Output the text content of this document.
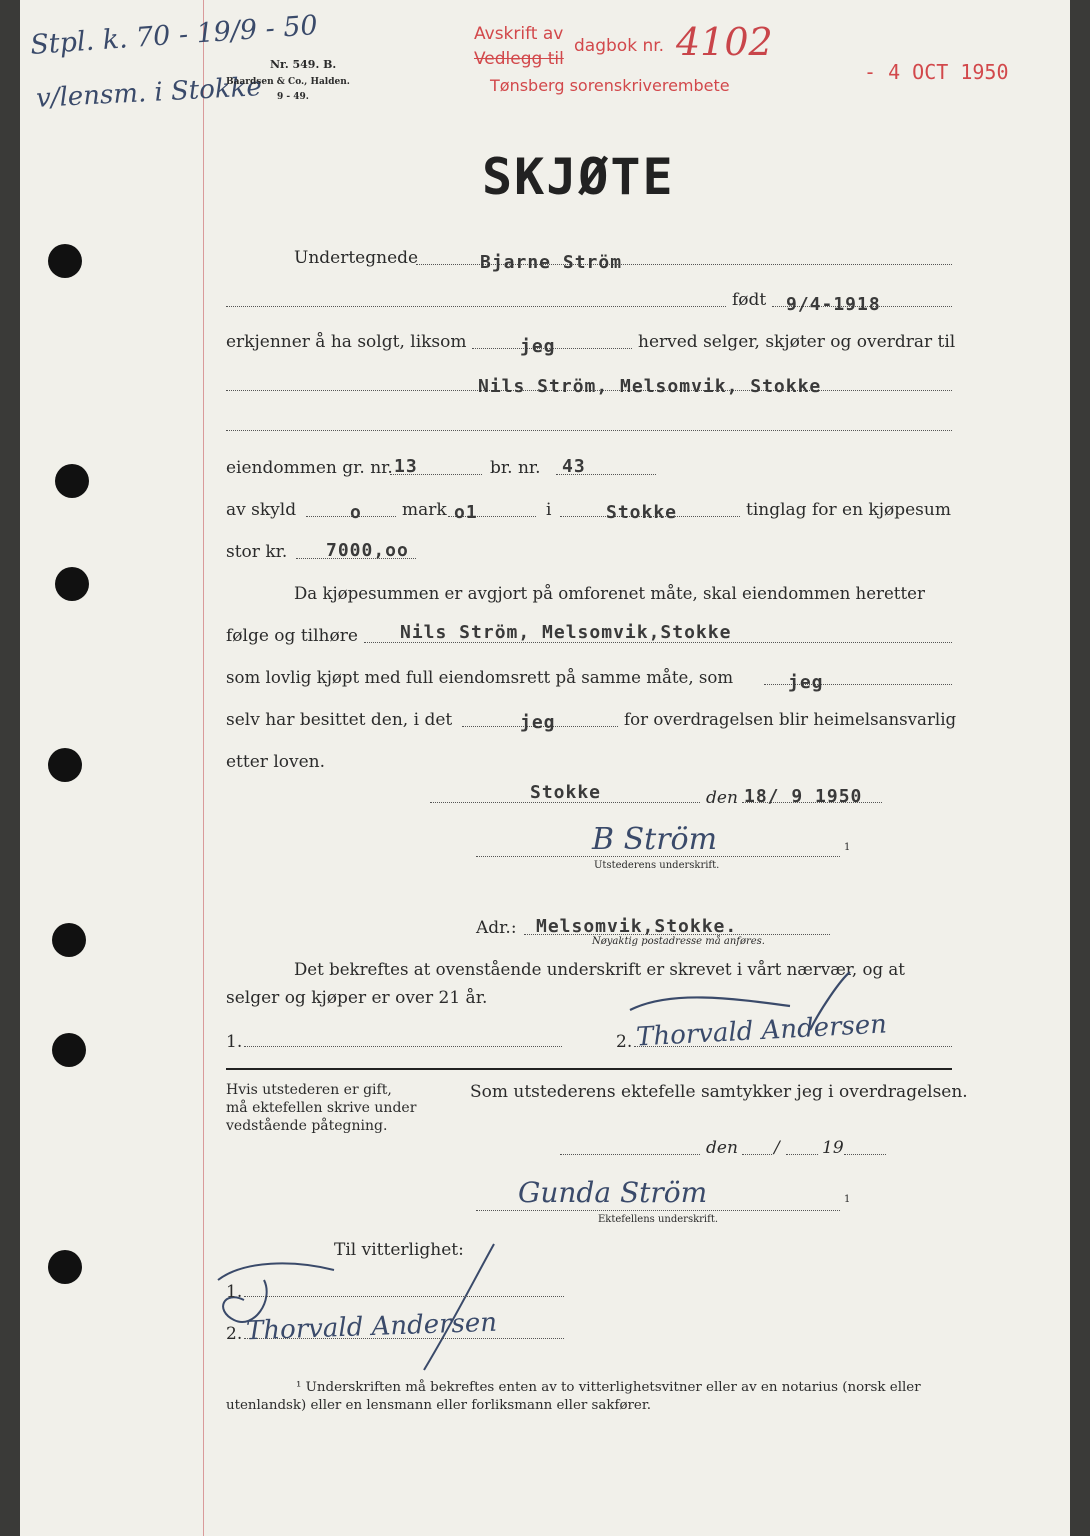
Stpl. k. 70 - 19/9 - 50
v/lensm. i Stokke
Nr. 549. B.
Baardsen & Co., Halden.
9 - 49.
Avskrift av
Vedlegg til
dagbok nr. 4102
Tønsberg sorenskriverembete
- 4 OCT 1950
SKJØTE
Undertegnede	Bjarne Ström
født 9/4-1918
erkjenner å ha solgt, liksom	jeg	herved selger, skjøter og overdrar til
Nils Ström, Melsomvik, Stokke
eiendommen gr. nr. 13	br. nr. 43
av skyld	o mark o1	i	Stokke	tinglag for en kjøpesum
stor kr. 7000,oo
Da kjøpesummen er avgjort på omforenet måte, skal eiendommen heretter
følge og tilhøre Nils Ström, Melsomvik,Stokke
som lovlig kjøpt med full eiendomsrett på samme måte, som	jeg
selv har besittet den, i det	jeg	for overdragelsen blir heimelsansvarlig
etter loven.
Stokke	den 18/ 9 1950
B Ström	1
Utstederens underskrift.
Adr.: Melsomvik,Stokke.
Nøyaktig postadresse må anføres.
Det bekreftes at ovenstående underskrift er skrevet i vårt nærvær, og at
selger og kjøper er over 21 år.
1.	2. Thorvald Andersen
Hvis utstederen er gift,
må ektefellen skrive under
vedstående påtegning.
Som utstederens ektefelle samtykker jeg i overdragelsen.
den / 19
Gunda Ström	1
Ektefellens underskrift.
Til vitterlighet:
1.
2. Thorvald Andersen
¹ Underskriften må bekreftes enten av to vitterlighetsvitner eller av en notarius (norsk eller
utenlandsk) eller en lensmann eller forliksmann eller sakfører.
